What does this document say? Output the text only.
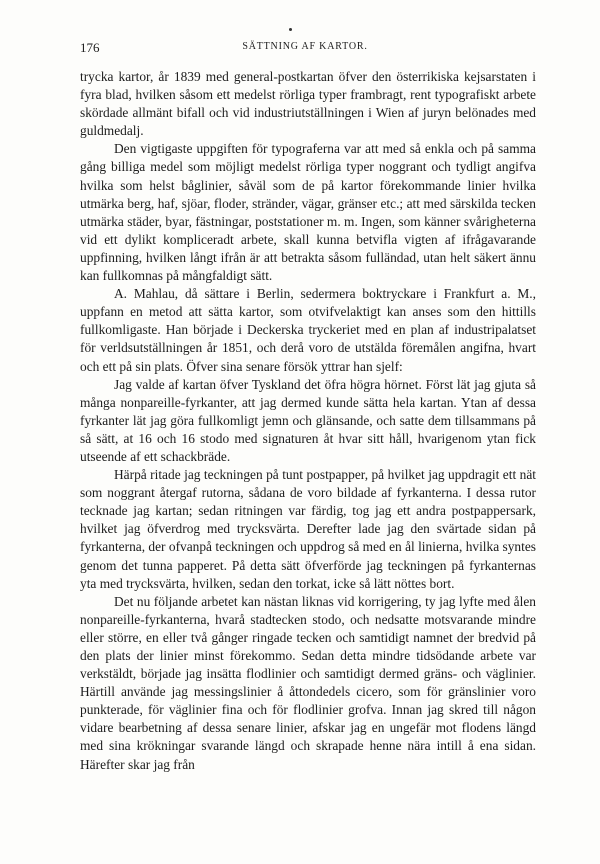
176	SÄTTNING AF KARTOR.

trycka kartor, år 1839 med general-postkartan öfver den österrikiska kejsarstaten i fyra blad, hvilken såsom ett medelst rörliga typer frambragt, rent typografiskt arbete skördade allmänt bifall och vid industriutställningen i Wien af juryn belönades med guldmedalj.

Den vigtigaste uppgiften för typograferna var att med så enkla och på samma gång billiga medel som möjligt medelst rörliga typer noggrant och tydligt angifva hvilka som helst båglinier, såväl som de på kartor förekommande linier hvilka utmärka berg, haf, sjöar, floder, stränder, vägar, gränser etc.; att med särskilda tecken utmärka städer, byar, fästningar, poststationer m. m. Ingen, som känner svårigheterna vid ett dylikt kompliceradt arbete, skall kunna betvifla vigten af ifrågavarande uppfinning, hvilken långt ifrån är att betrakta såsom fulländad, utan helt säkert ännu kan fullkomnas på mångfaldigt sätt.

A. Mahlau, då sättare i Berlin, sedermera boktryckare i Frankfurt a. M., uppfann en metod att sätta kartor, som otvifvelaktigt kan anses som den hittills fullkomligaste. Han började i Deckerska tryckeriet med en plan af industripalatset för verldsutställningen år 1851, och derå voro de utstälda föremålen angifna, hvart och ett på sin plats. Öfver sina senare försök yttrar han sjelf:

Jag valde af kartan öfver Tyskland det öfra högra hörnet. Först lät jag gjuta så många nonpareille-fyrkanter, att jag dermed kunde sätta hela kartan. Ytan af dessa fyrkanter lät jag göra fullkomligt jemn och glänsande, och satte dem tillsammans på så sätt, at 16 och 16 stodo med signaturen åt hvar sitt håll, hvarigenom ytan fick utseende af ett schackbräde.

Härpå ritade jag teckningen på tunt postpapper, på hvilket jag uppdragit ett nät som noggrant återgaf rutorna, sådana de voro bildade af fyrkanterna. I dessa rutor tecknade jag kartan; sedan ritningen var färdig, tog jag ett andra postpappersark, hvilket jag öfverdrog med trycksvärta. Derefter lade jag den svärtade sidan på fyrkanterna, der ofvanpå teckningen och uppdrog så med en ål linierna, hvilka syntes genom det tunna papperet. På detta sätt öfverförde jag teckningen på fyrkanternas yta med trycksvärta, hvilken, sedan den torkat, icke så lätt nöttes bort.

Det nu följande arbetet kan nästan liknas vid korrigering, ty jag lyfte med ålen nonpareille-fyrkanterna, hvarå stadtecken stodo, och nedsatte motsvarande mindre eller större, en eller två gånger ringade tecken och samtidigt namnet der bredvid på den plats der linier minst förekommo. Sedan detta mindre tidsödande arbete var verkstäldt, började jag insätta flodlinier och samtidigt dermed gräns- och väglinier. Härtill använde jag messingslinier å åttondedels cicero, som för gränslinier voro punkterade, för väglinier fina och för flodlinier grofva. Innan jag skred till någon vidare bearbetning af dessa senare linier, afskar jag en ungefär mot flodens längd med sina krökningar svarande längd och skrapade henne nära intill å ena sidan. Härefter skar jag från
